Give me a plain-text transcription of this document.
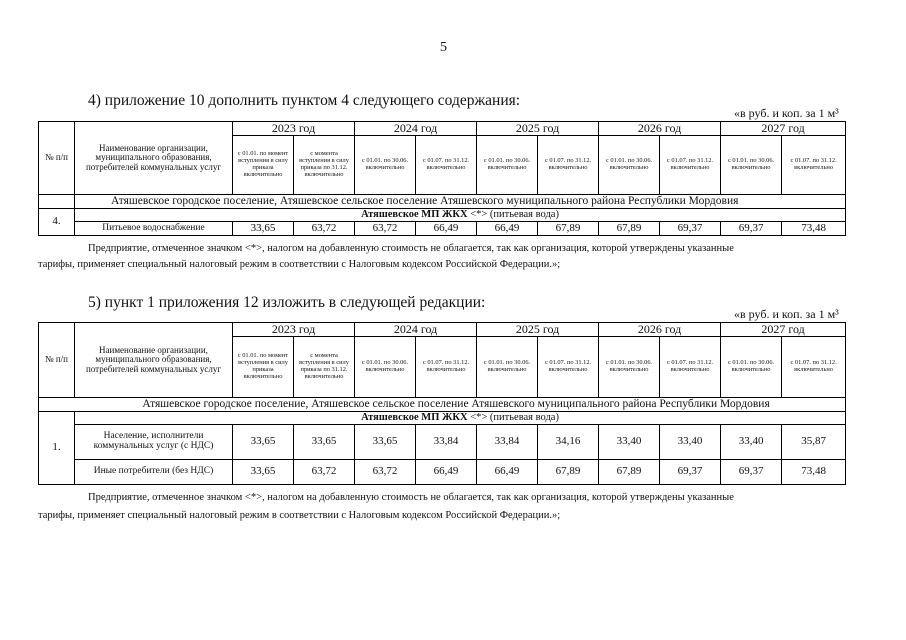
5
4) приложение 10 дополнить пунктом 4 следующего содержания:
«в руб. и коп. за 1 м³
№ п/п	Наименование организации, муниципального образования, потребителей коммунальных услуг	2023 год		2024 год		2025 год		2026 год		2027 год	
		с 01.01. по момент вступления в силу приказа включительно	с момента вступления в силу приказа по 31.12. включительно	с 01.01. по 30.06. включительно	с 01.07. по 31.12. включительно	с 01.01. по 30.06. включительно	с 01.07. по 31.12. включительно	с 01.01. по 30.06. включительно	с 01.07. по 31.12. включительно	с 01.01. по 30.06. включительно	с 01.07. по 31.12. включительно
	Атяшевское городское поселение, Атяшевское сельское поселение Атяшевского муниципального района Республики Мордовия										
4.	Атяшевское МП ЖКХ <*> (питьевая вода)										
	Питьевое водоснабжение	33,65	63,72	63,72	66,49	66,49	67,89	67,89	69,37	69,37	73,48
Предприятие, отмеченное значком <*>, налогом на добавленную стоимость не облагается, так как организация, которой утверждены указанные
тарифы, применяет специальный налоговый режим в соответствии с Налоговым кодексом Российской Федерации.»;
5) пункт 1 приложения 12 изложить в следующей редакции:
«в руб. и коп. за 1 м³
№ п/п	Наименование организации, муниципального образования, потребителей коммунальных услуг	2023 год		2024 год		2025 год		2026 год		2027 год	
		с 01.01. по момент вступления в силу приказа включительно	с момента вступления в силу приказа по 31.12. включительно	с 01.01. по 30.06. включительно	с 01.07. по 31.12. включительно	с 01.01. по 30.06. включительно	с 01.07. по 31.12. включительно	с 01.01. по 30.06. включительно	с 01.07. по 31.12. включительно	с 01.01. по 30.06. включительно	с 01.07. по 31.12. включительно
Атяшевское городское поселение, Атяшевское сельское поселение Атяшевского муниципального района Республики Мордовия											
1.	Атяшевское МП ЖКХ <*> (питьевая вода)										
	Население, исполнители коммунальных услуг (с НДС)	33,65	33,65	33,65	33,84	33,84	34,16	33,40	33,40	33,40	35,87
	Иные потребители (без НДС)	33,65	63,72	63,72	66,49	66,49	67,89	67,89	69,37	69,37	73,48
Предприятие, отмеченное значком <*>, налогом на добавленную стоимость не облагается, так как организация, которой утверждены указанные
тарифы, применяет специальный налоговый режим в соответствии с Налоговым кодексом Российской Федерации.»;
